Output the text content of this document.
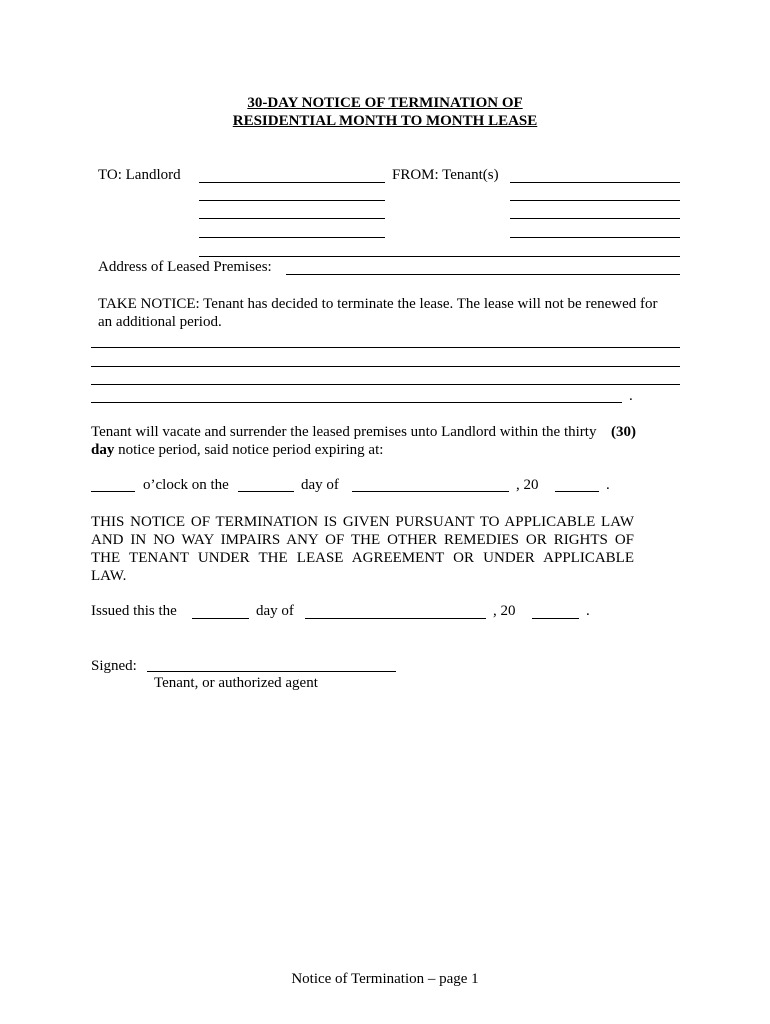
30-DAY NOTICE OF TERMINATION OF
RESIDENTIAL MONTH TO MONTH LEASE
TO: Landlord	FROM: Tenant(s)
Address of Leased Premises:
TAKE NOTICE: Tenant has decided to terminate the lease. The lease will not be renewed for
an additional period.
.
Tenant will vacate and surrender the leased premises unto Landlord within the thirty (30)
day notice period, said notice period expiring at:
o’clock on the	day of	, 20	.
THIS NOTICE OF TERMINATION IS GIVEN PURSUANT TO APPLICABLE LAW
AND IN NO WAY IMPAIRS ANY OF THE OTHER REMEDIES OR RIGHTS OF
THE TENANT UNDER THE LEASE AGREEMENT OR UNDER APPLICABLE
LAW.
Issued this the	day of	, 20	.
Signed:
Tenant, or authorized agent
Notice of Termination – page 1
